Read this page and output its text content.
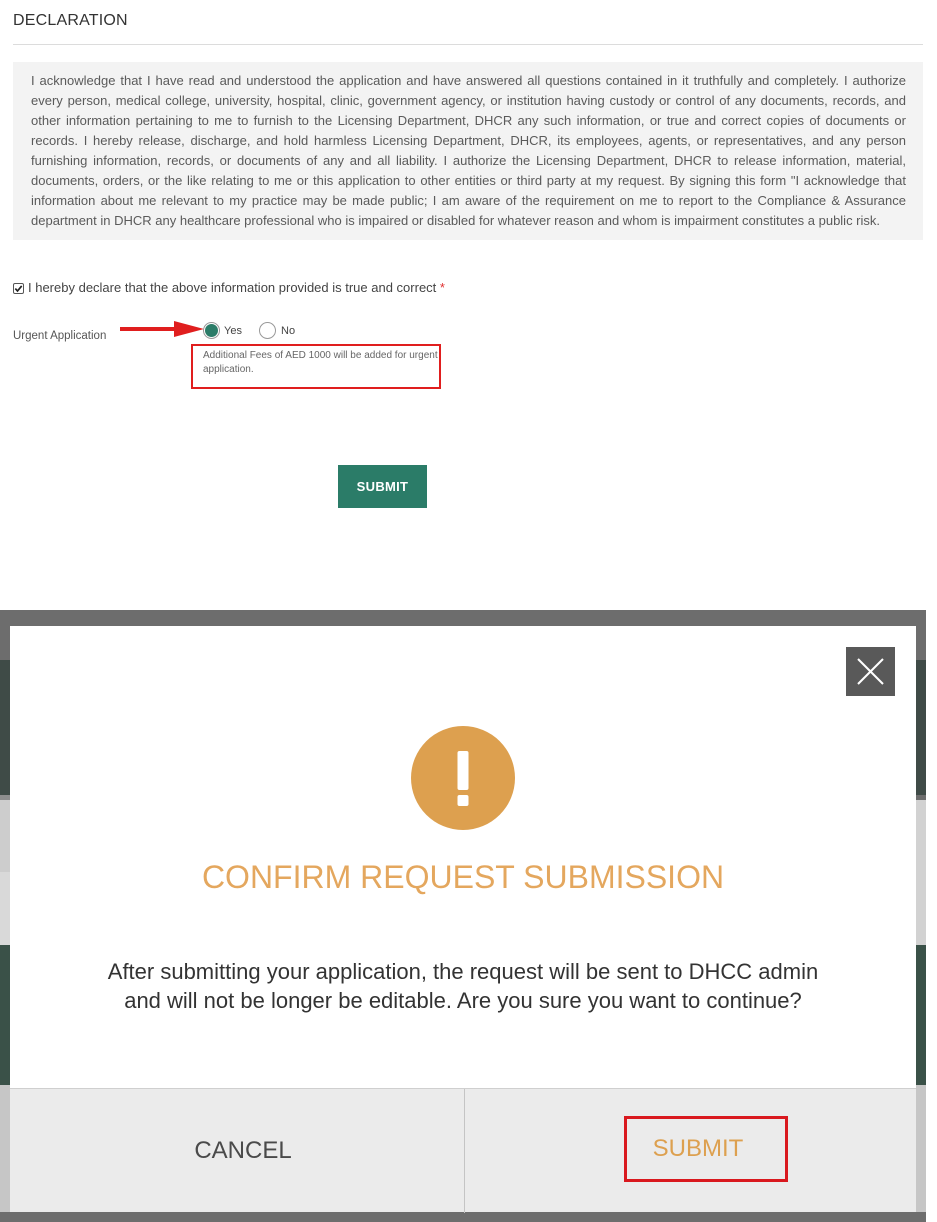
DECLARATION

I acknowledge that I have read and understood the application and have answered all questions contained in it truthfully and completely. I authorize every person, medical college, university, hospital, clinic, government agency, or institution having custody or control of any documents, records, and other information pertaining to me to furnish to the Licensing Department, DHCR any such information, or true and correct copies of documents or records. I hereby release, discharge, and hold harmless Licensing Department, DHCR, its employees, agents, or representatives, and any person furnishing information, records, or documents of any and all liability. I authorize the Licensing Department, DHCR to release information, material, documents, orders, or the like relating to me or this application to other entities or third party at my request. By signing this form "I acknowledge that information about me relevant to my practice may be made public; I am aware of the requirement on me to report to the Compliance & Assurance department in DHCR any healthcare professional who is impaired or disabled for whatever reason and whom is impairment constitutes a public risk.

I hereby declare that the above information provided is true and correct *
Urgent Application	Yes	No

Additional Fees of AED 1000 will be added for urgent application.

SUBMIT
CONFIRM REQUEST SUBMISSION

After submitting your application, the request will be sent to DHCC admin and will not be longer be editable. Are you sure you want to continue?

CANCEL	SUBMIT
